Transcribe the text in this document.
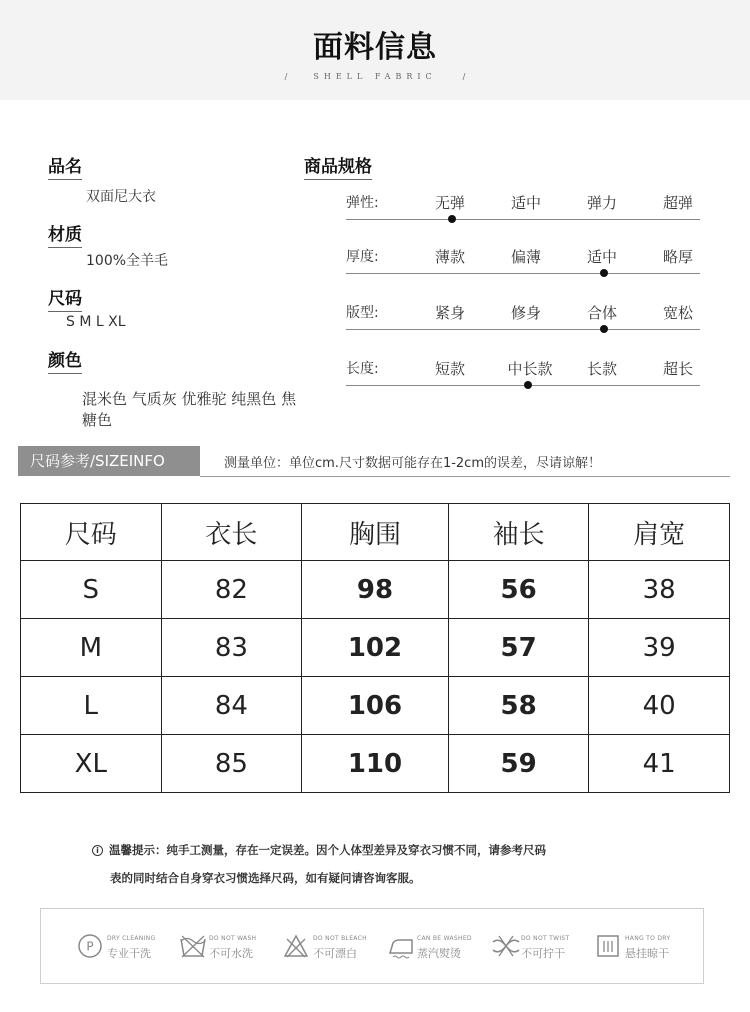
面料信息
/	SHELL FABRIC	/
品名
双面尼大衣
材质
100%全羊毛
尺码
S M L XL
颜色
混米色 气质灰 优雅驼 纯黑色 焦糖色
商品规格
弹性:	无弹	适中	弹力	超弹
厚度:	薄款	偏薄	适中	略厚
版型:	紧身	修身	合体	宽松
长度:	短款	中长款 长款	超长
尺码参考/SIZEINFO	测量单位：单位cm.尺寸数据可能存在1-2cm的误差，尽请谅解！
尺码	衣长	胸围	袖长	肩宽
S	82	98	56	38
M	83	102	57	39
L	84	106	58	40
XL	85	110	59	41
i 温馨提示：纯手工测量，存在一定误差。因个人体型差异及穿衣习惯不同，请参考尺码
表的同时结合自身穿衣习惯选择尺码，如有疑问请咨询客服。
P
DRY CLEANING
专业干洗
DO NOT WASH
不可水洗
DO NOT BLEACH
不可漂白
CAN BE WASHED
蒸汽熨烫
DO NOT TWIST
不可拧干
HANG TO DRY
悬挂晾干
